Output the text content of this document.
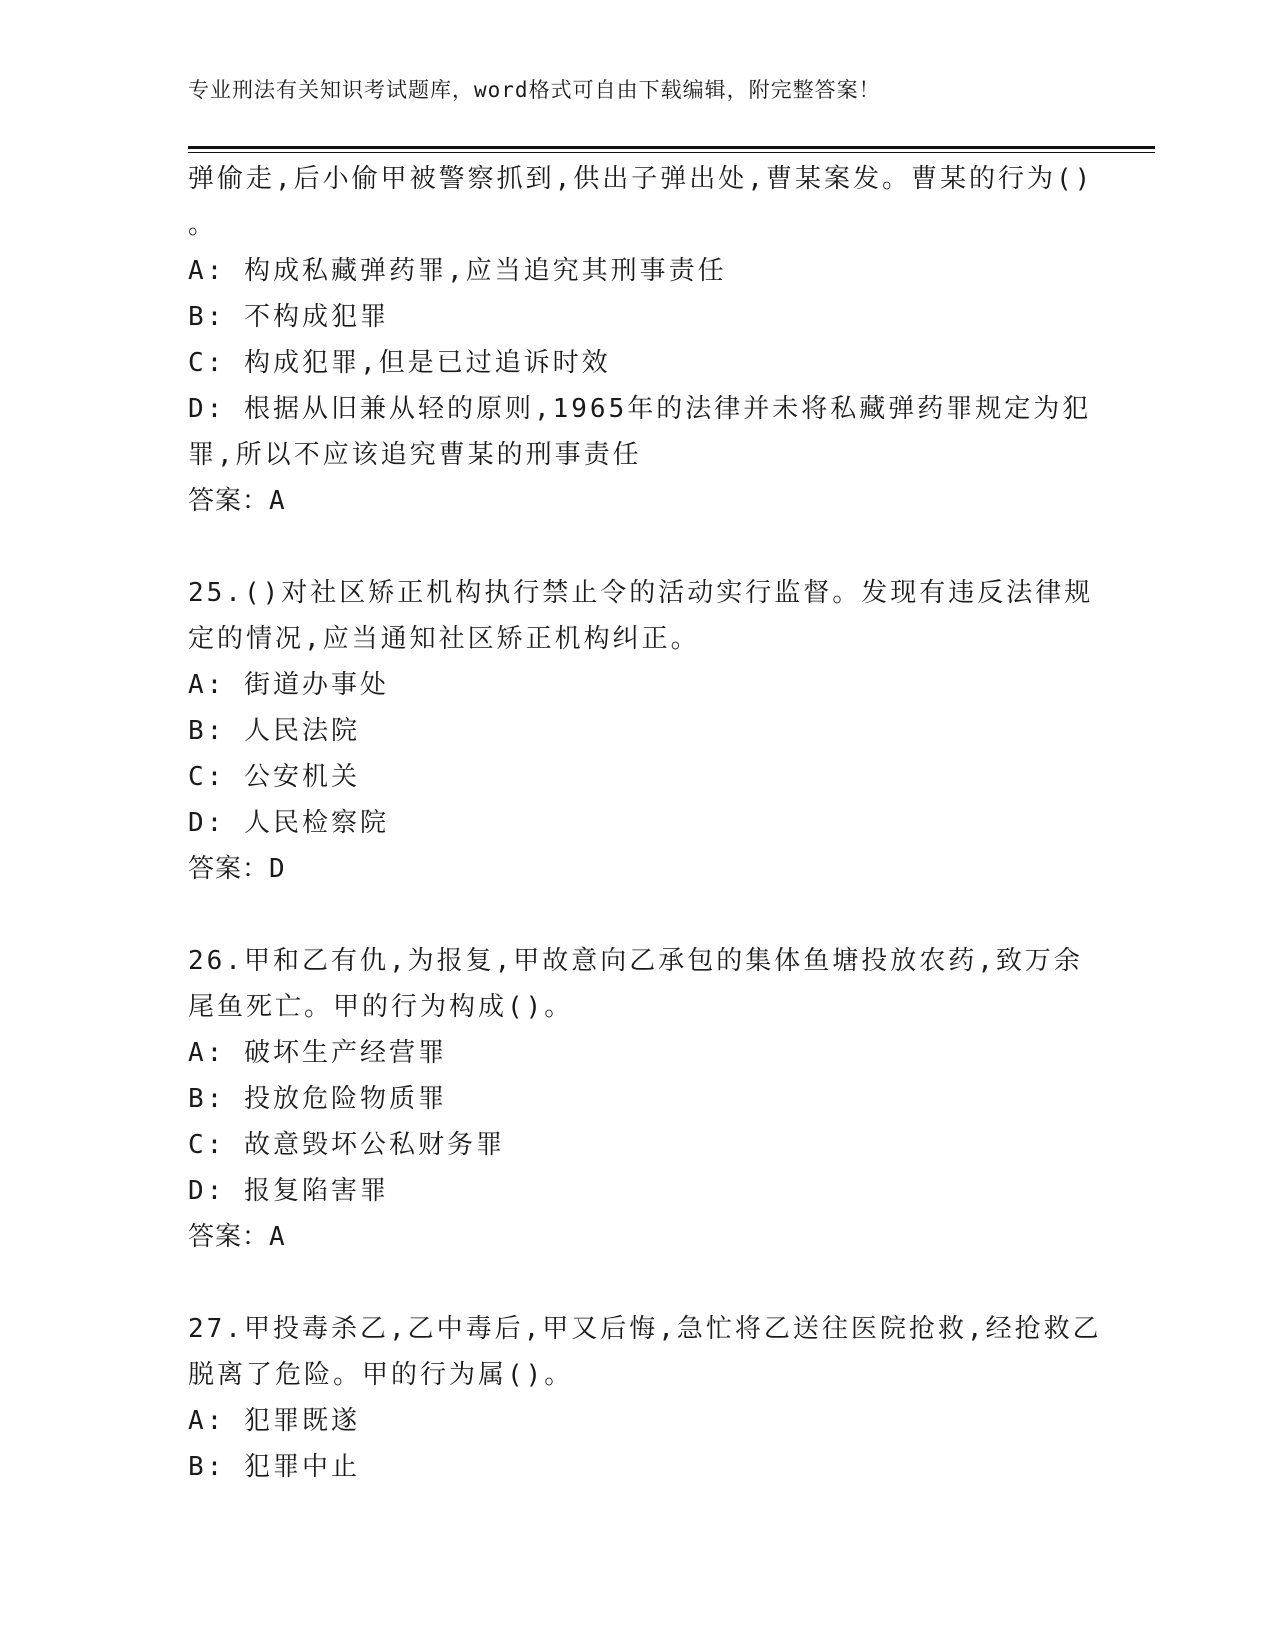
专业刑法有关知识考试题库，word格式可自由下载编辑，附完整答案！
弹偷走,后小偷甲被警察抓到,供出子弹出处,曹某案发。曹某的行为()
。
A: 构成私藏弹药罪,应当追究其刑事责任
B: 不构成犯罪
C: 构成犯罪,但是已过追诉时效
D: 根据从旧兼从轻的原则,1965年的法律并未将私藏弹药罪规定为犯
罪,所以不应该追究曹某的刑事责任
答案：A
25.()对社区矫正机构执行禁止令的活动实行监督。发现有违反法律规
定的情况,应当通知社区矫正机构纠正。
A: 街道办事处
B: 人民法院
C: 公安机关
D: 人民检察院
答案：D
26.甲和乙有仇,为报复,甲故意向乙承包的集体鱼塘投放农药,致万余
尾鱼死亡。甲的行为构成()。
A: 破坏生产经营罪
B: 投放危险物质罪
C: 故意毁坏公私财务罪
D: 报复陷害罪
答案：A
27.甲投毒杀乙,乙中毒后,甲又后悔,急忙将乙送往医院抢救,经抢救乙
脱离了危险。甲的行为属()。
A: 犯罪既遂
B: 犯罪中止
